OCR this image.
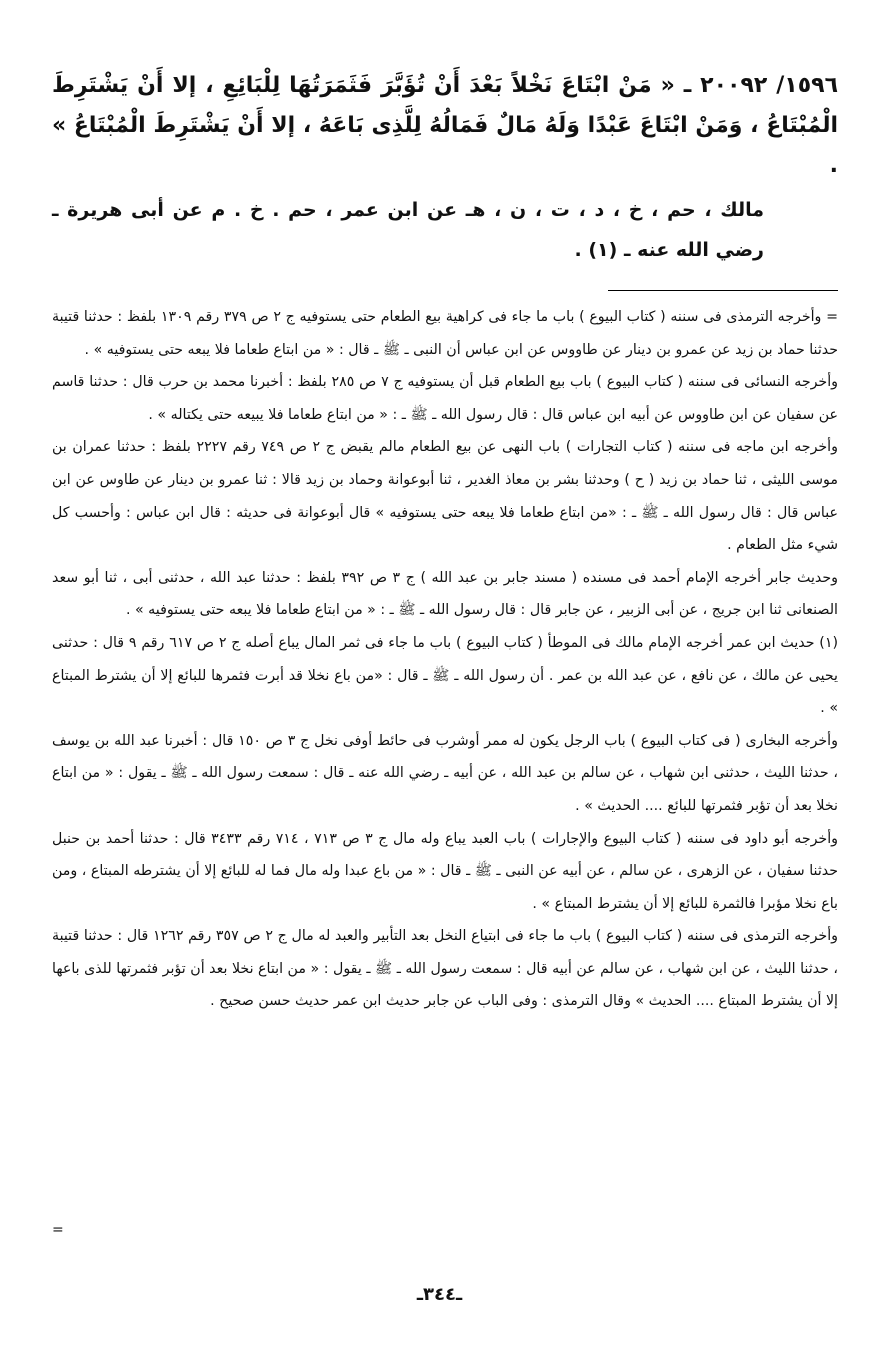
١٥٩٦/ ٢٠٠٩٢ ـ « مَنْ ابْتَاعَ نَخْلاً بَعْدَ أَنْ تُؤَبَّرَ فَثَمَرَتُهَا لِلْبَائِعِ ، إلا أَنْ يَشْتَرِطَ الْمُبْتَاعُ ، وَمَنْ ابْتَاعَ عَبْدًا وَلَهُ مَالٌ فَمَالُهُ لِلَّذِى بَاعَهُ ، إلا أَنْ يَشْتَرِطَ الْمُبْتَاعُ » .

مالك ، حم ، خ ، د ، ت ، ن ، هـ عن ابن عمر ، حم . خ . م عن أبى هريرة ـ رضي الله عنه ـ (١) .

= وأخرجه الترمذى فى سننه ( كتاب البيوع ) باب ما جاء فى كراهية بيع الطعام حتى يستوفيه ج ٢ ص ٣٧٩ رقم ١٣٠٩ بلفظ : حدثنا قتيبة حدثنا حماد بن زيد عن عمرو بن دينار عن طاووس عن ابن عباس أن النبى ـ ﷺ ـ قال : « من ابتاع طعاما فلا يبعه حتى يستوفيه » .

وأخرجه النسائى فى سننه ( كتاب البيوع ) باب بيع الطعام قبل أن يستوفيه ج ٧ ص ٢٨٥ بلفظ : أخبرنا محمد بن حرب قال : حدثنا قاسم عن سفيان عن ابن طاووس عن أبيه ابن عباس قال : قال رسول الله ـ ﷺ ـ : « من ابتاع طعاما فلا يبيعه حتى يكتاله » .

وأخرجه ابن ماجه فى سننه ( كتاب التجارات ) باب النهى عن بيع الطعام مالم يقبض ج ٢ ص ٧٤٩ رقم ٢٢٢٧ بلفظ : حدثنا عمران بن موسى الليثى ، ثنا حماد بن زيد ( ح ) وحدثنا بشر بن معاذ الغدير ، ثنا أبوعوانة وحماد بن زيد قالا : ثنا عمرو بن دينار عن طاوس عن ابن عباس قال : قال رسول الله ـ ﷺ ـ : «من ابتاع طعاما فلا يبعه حتى يستوفيه » قال أبوعوانة فى حديثه : قال ابن عباس : وأحسب كل شيء مثل الطعام .

وحديث جابر أخرجه الإمام أحمد فى مسنده ( مسند جابر بن عبد الله ) ج ٣ ص ٣٩٢ بلفظ : حدثنا عبد الله ، حدثنى أبى ، ثنا أبو سعد الصنعانى ثنا ابن جريج ، عن أبى الزبير ، عن جابر قال : قال رسول الله ـ ﷺ ـ : « من ابتاع طعاما فلا يبعه حتى يستوفيه » .

(١) حديث ابن عمر أخرجه الإمام مالك فى الموطأ ( كتاب البيوع ) باب ما جاء فى ثمر المال يباع أصله ج ٢ ص ٦١٧ رقم ٩ قال : حدثنى يحيى عن مالك ، عن نافع ، عن عبد الله بن عمر . أن رسول الله ـ ﷺ ـ قال : «من باع نخلا قد أبرت فثمرها للبائع إلا أن يشترط المبتاع » .

وأخرجه البخارى ( فى كتاب البيوع ) باب الرجل يكون له ممر أوشرب فى حائط أوفى نخل ج ٣ ص ١٥٠ قال : أخبرنا عبد الله بن يوسف ، حدثنا الليث ، حدثنى ابن شهاب ، عن سالم بن عبد الله ، عن أبيه ـ رضي الله عنه ـ قال : سمعت رسول الله ـ ﷺ ـ يقول : « من ابتاع نخلا بعد أن تؤبر فثمرتها للبائع .... الحديث » .

وأخرجه أبو داود فى سننه ( كتاب البيوع والإجارات ) باب العبد يباع وله مال ج ٣ ص ٧١٣ ، ٧١٤ رقم ٣٤٣٣ قال : حدثنا أحمد بن حنبل حدثنا سفيان ، عن الزهرى ، عن سالم ، عن أبيه عن النبى ـ ﷺ ـ قال : « من باع عبدا وله مال فما له للبائع إلا أن يشترطه المبتاع ، ومن باع نخلا مؤبرا فالثمرة للبائع إلا أن يشترط المبتاع » .

وأخرجه الترمذى فى سننه ( كتاب البيوع ) باب ما جاء فى ابتياع النخل بعد التأبير والعبد له مال ج ٢ ص ٣٥٧ رقم ١٢٦٢ قال : حدثنا قتيبة ، حدثنا الليث ، عن ابن شهاب ، عن سالم عن أبيه قال : سمعت رسول الله ـ ﷺ ـ يقول : « من ابتاع نخلا بعد أن تؤبر فثمرتها للذى باعها إلا أن يشترط المبتاع .... الحديث » وقال الترمذى : وفى الباب عن جابر حديث ابن عمر حديث حسن صحيح .

=
ـ٣٤٤ـ
